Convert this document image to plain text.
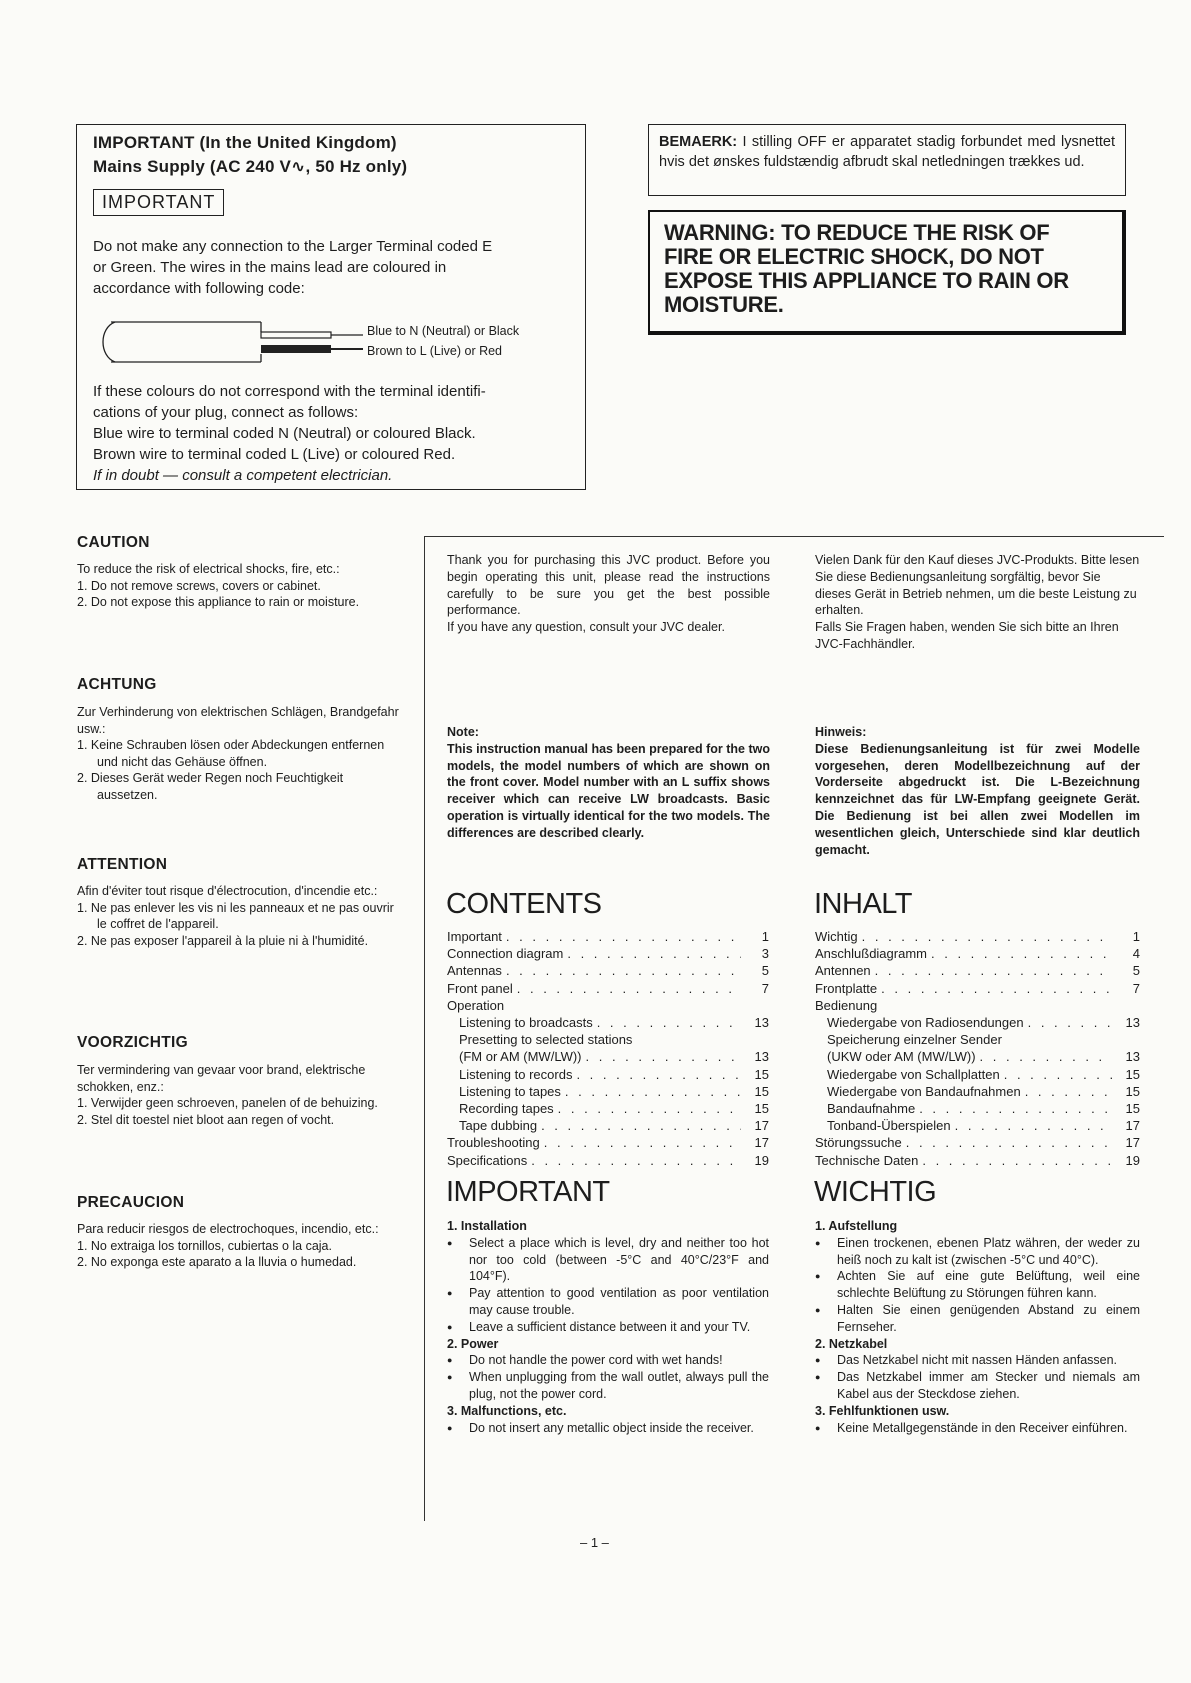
IMPORTANT (In the United Kingdom)
Mains Supply (AC 240 V∿, 50 Hz only)
IMPORTANT
Do not make any connection to the Larger Terminal coded E
or Green. The wires in the mains lead are coloured in
accordance with following code:
Blue to N (Neutral) or Black
Brown to L (Live) or Red
If these colours do not correspond with the terminal identifi-
cations of your plug, connect as follows:
Blue wire to terminal coded N (Neutral) or coloured Black.
Brown wire to terminal coded L (Live) or coloured Red.
If in doubt — consult a competent electrician.
BEMAERK: I stilling OFF er apparatet stadig forbundet med lysnettet hvis det ønskes fuldstændig afbrudt skal netledningen trækkes ud.
WARNING: TO REDUCE THE RISK OF
FIRE OR ELECTRIC SHOCK, DO NOT
EXPOSE THIS APPLIANCE TO RAIN OR
MOISTURE.
CAUTION
To reduce the risk of electrical shocks, fire, etc.:
1. Do not remove screws, covers or cabinet.
2. Do not expose this appliance to rain or moisture.
ACHTUNG
Zur Verhinderung von elektrischen Schlägen, Brandgefahr usw.:
1. Keine Schrauben lösen oder Abdeckungen entfernen und nicht das Gehäuse öffnen.
2. Dieses Gerät weder Regen noch Feuchtigkeit aussetzen.
ATTENTION
Afin d'éviter tout risque d'électrocution, d'incendie etc.:
1. Ne pas enlever les vis ni les panneaux et ne pas ouvrir le coffret de l'appareil.
2. Ne pas exposer l'appareil à la pluie ni à l'humidité.
VOORZICHTIG
Ter vermindering van gevaar voor brand, elektrische schokken, enz.:
1. Verwijder geen schroeven, panelen of de behuizing.
2. Stel dit toestel niet bloot aan regen of vocht.
PRECAUCION
Para reducir riesgos de electrochoques, incendio, etc.:
1. No extraiga los tornillos, cubiertas o la caja.
2. No exponga este aparato a la lluvia o humedad.
Thank you for purchasing this JVC product. Before you begin operating this unit, please read the instructions carefully to be sure you get the best possible performance.
If you have any question, consult your JVC dealer.
Note:
This instruction manual has been prepared for the two models, the model numbers of which are shown on the front cover. Model number with an L suffix shows receiver which can receive LW broadcasts. Basic operation is virtually identical for the two models. The differences are described clearly.
CONTENTS
Important . . .	1
Connection diagram . . .	3
Antennas . . .	5
Front panel . . .	7
Operation
Listening to broadcasts . . .	13
Presetting to selected stations
(FM or AM (MW/LW)) . . .	13
Listening to records . . .	15
Listening to tapes . . .	15
Recording tapes . . .	15
Tape dubbing . . .	17
Troubleshooting . . .	17
Specifications . . .	19
IMPORTANT
1. Installation
● Select a place which is level, dry and neither too hot nor too cold (between -5°C and 40°C/23°F and 104°F).
● Pay attention to good ventilation as poor ventilation may cause trouble.
● Leave a sufficient distance between it and your TV.
2. Power
● Do not handle the power cord with wet hands!
● When unplugging from the wall outlet, always pull the plug, not the power cord.
3. Malfunctions, etc.
● Do not insert any metallic object inside the receiver.
Vielen Dank für den Kauf dieses JVC-Produkts. Bitte lesen Sie diese Bedienungsanleitung sorgfältig, bevor Sie dieses Gerät in Betrieb nehmen, um die beste Leistung zu erhalten.
Falls Sie Fragen haben, wenden Sie sich bitte an Ihren JVC-Fachhändler.
Hinweis:
Diese Bedienungsanleitung ist für zwei Modelle vorgesehen, deren Modellbezeichnung auf der Vorderseite abgedruckt ist. Die L-Bezeichnung kennzeichnet das für LW-Empfang geeignete Gerät. Die Bedienung ist bei allen zwei Modellen im wesentlichen gleich, Unterschiede sind klar deutlich gemacht.
INHALT
Wichtig . . .	1
Anschlußdiagramm . . .	4
Antennen . . .	5
Frontplatte . . .	7
Bedienung
Wiedergabe von Radiosendungen . . .	13
Speicherung einzelner Sender
(UKW oder AM (MW/LW)) . . .	13
Wiedergabe von Schallplatten . . .	15
Wiedergabe von Bandaufnahmen . . .	15
Bandaufnahme . . .	15
Tonband-Überspielen . . .	17
Störungssuche . . .	17
Technische Daten . . .	19
WICHTIG
1. Aufstellung
● Einen trockenen, ebenen Platz währen, der weder zu heiß noch zu kalt ist (zwischen -5°C und 40°C).
● Achten Sie auf eine gute Belüftung, weil eine schlechte Belüftung zu Störungen führen kann.
● Halten Sie einen genügenden Abstand zu einem Fernseher.
2. Netzkabel
● Das Netzkabel nicht mit nassen Händen anfassen.
● Das Netzkabel immer am Stecker und niemals am Kabel aus der Steckdose ziehen.
3. Fehlfunktionen usw.
● Keine Metallgegenstände in den Receiver einführen.
– 1 –
